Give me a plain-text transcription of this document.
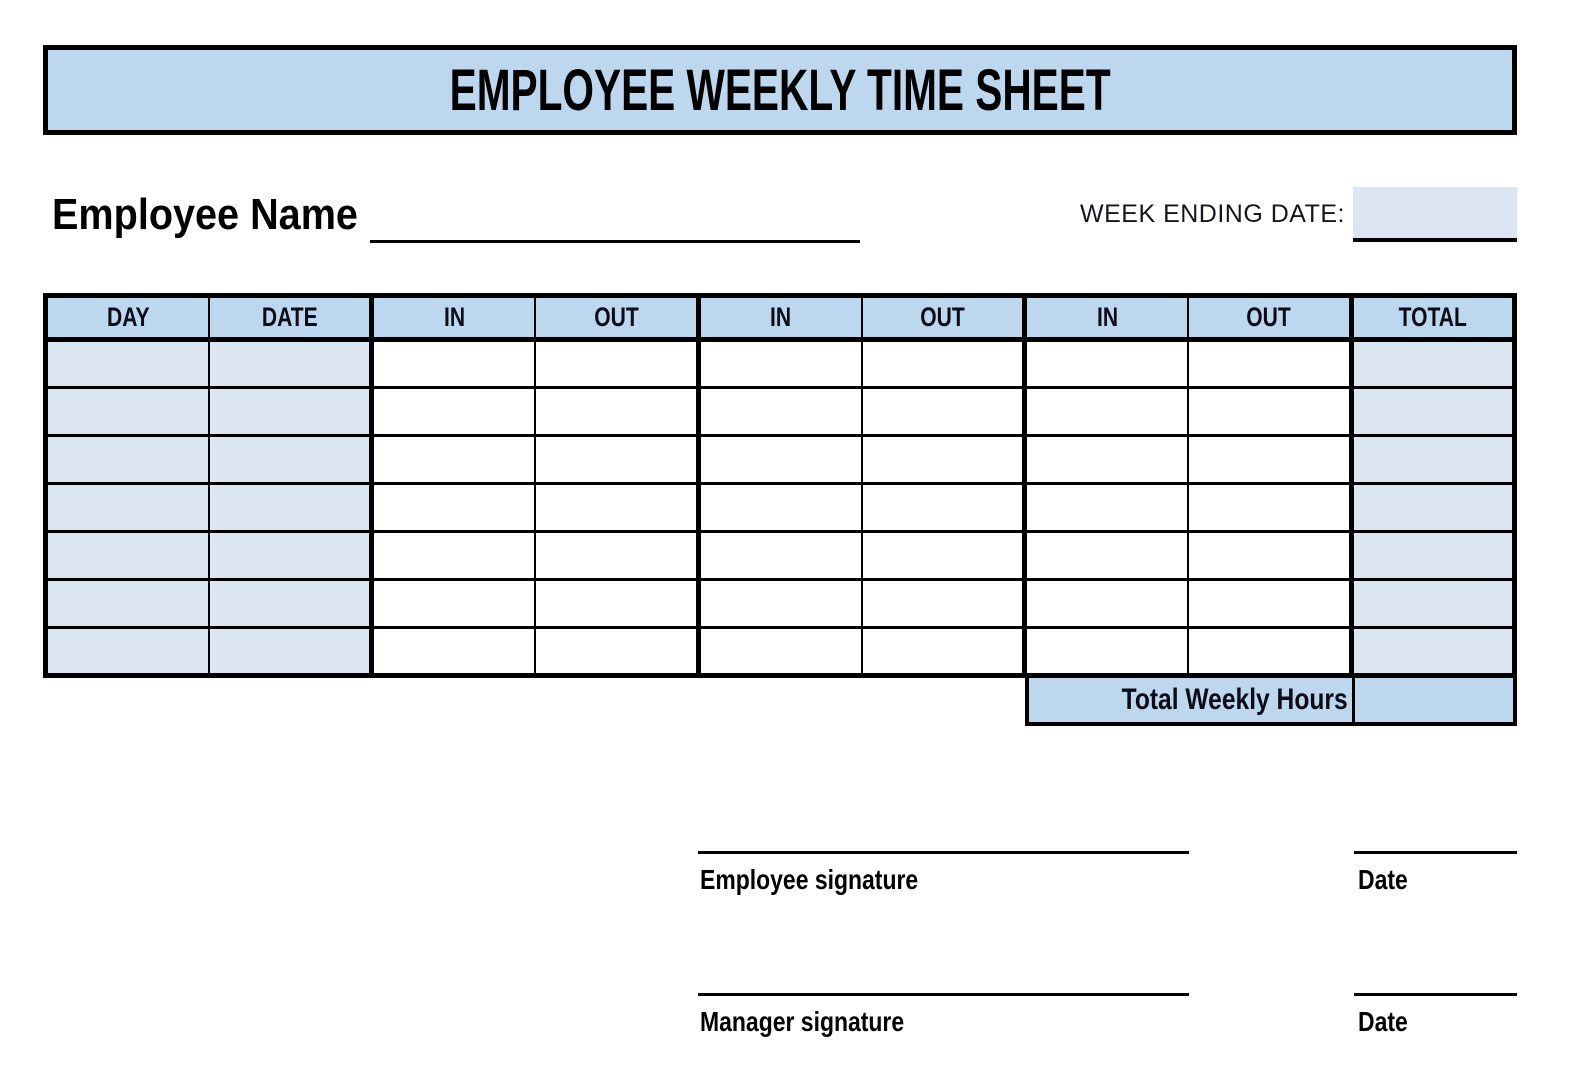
EMPLOYEE WEEKLY TIME SHEET
Employee Name	WEEK ENDING DATE:
DAY	DATE	IN	OUT	IN	OUT	IN	OUT	TOTAL

Total Weekly Hours
Employee signature	Date
Manager signature	Date
